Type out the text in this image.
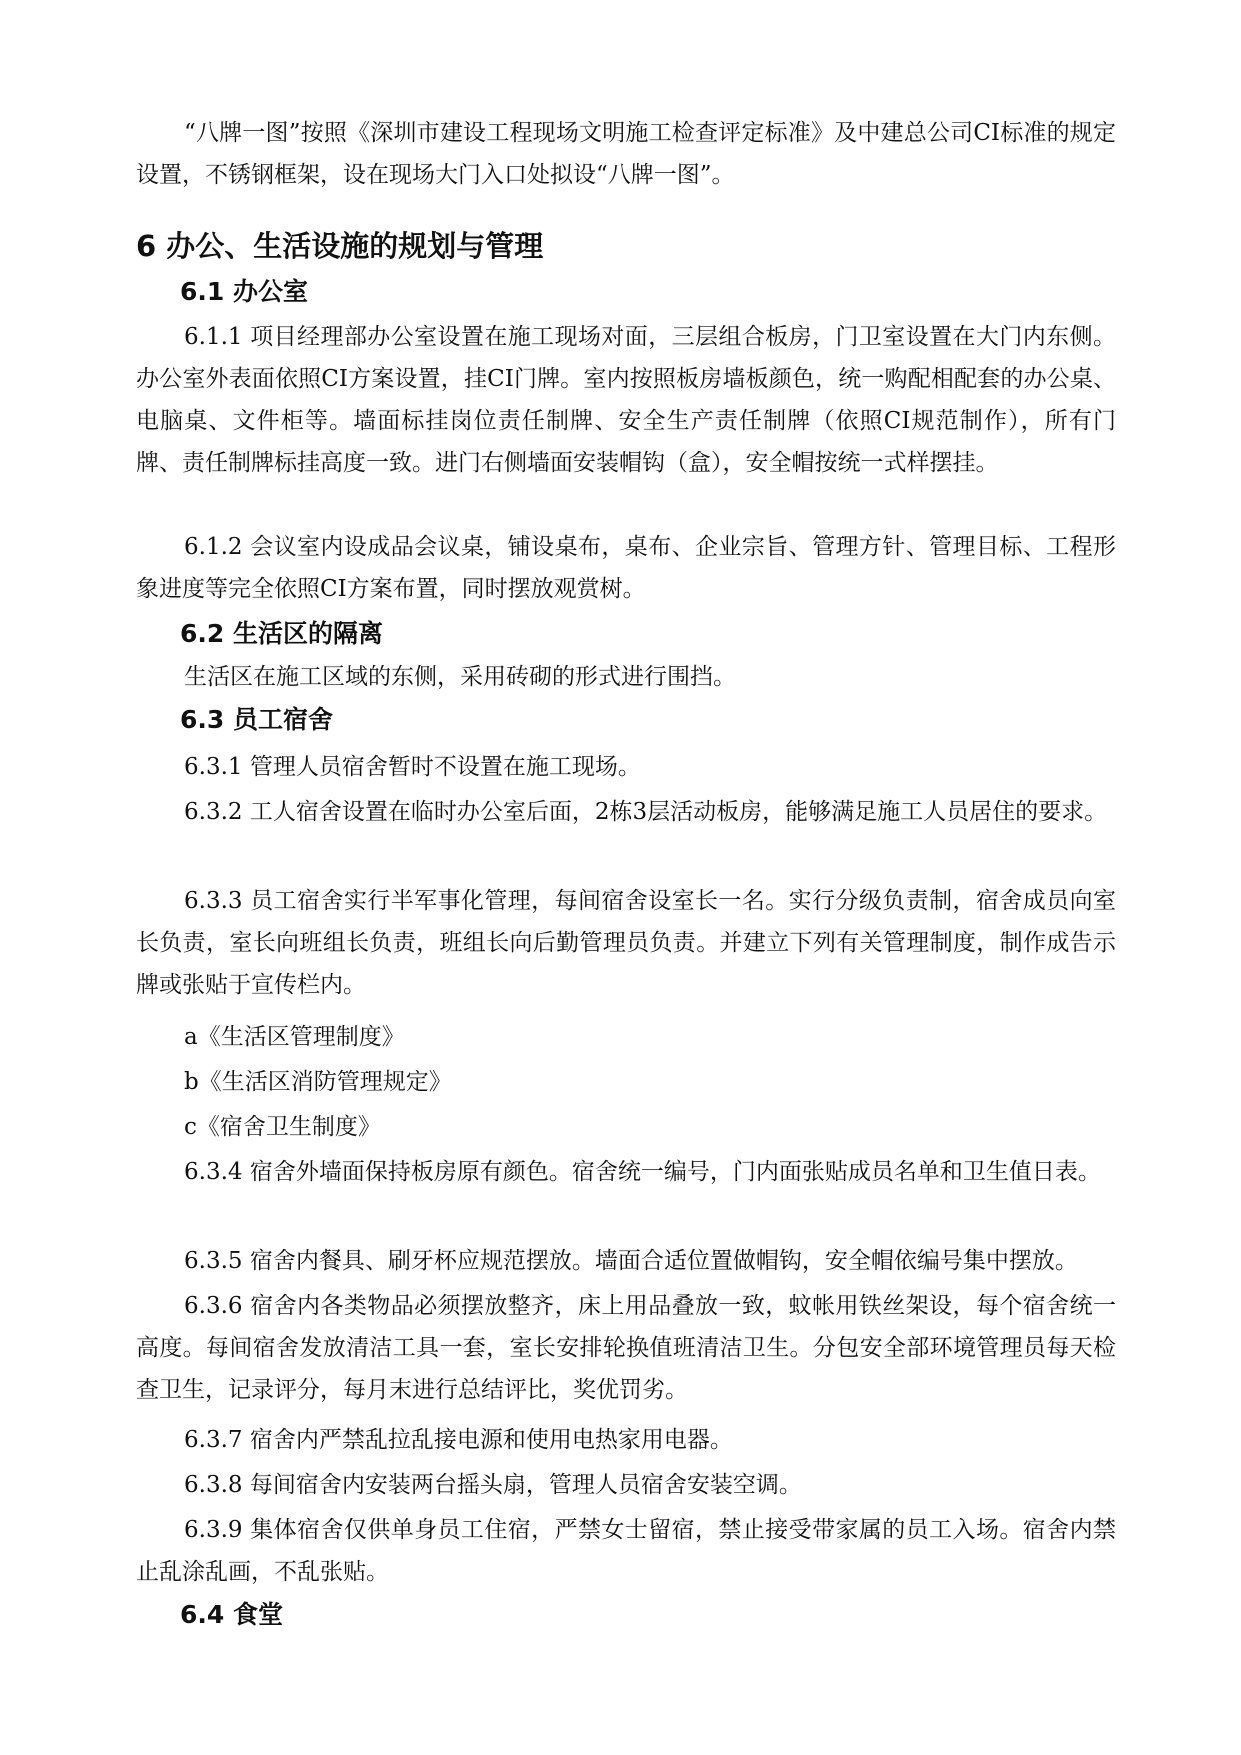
“八牌一图”按照《深圳市建设工程现场文明施工检查评定标准》及中建总公司CI标准的规定设置，不锈钢框架，设在现场大门入口处拟设“八牌一图”。

6 办公、生活设施的规划与管理
6.1 办公室

6.1.1 项目经理部办公室设置在施工现场对面，三层组合板房，门卫室设置在大门内东侧。办公室外表面依照CI方案设置，挂CI门牌。室内按照板房墙板颜色，统一购配相配套的办公桌、电脑桌、文件柜等。墙面标挂岗位责任制牌、安全生产责任制牌（依照CI规范制作），所有门牌、责任制牌标挂高度一致。进门右侧墙面安装帽钩（盒），安全帽按统一式样摆挂。

6.1.2 会议室内设成品会议桌，铺设桌布，桌布、企业宗旨、管理方针、管理目标、工程形象进度等完全依照CI方案布置，同时摆放观赏树。

6.2 生活区的隔离

生活区在施工区域的东侧，采用砖砌的形式进行围挡。

6.3 员工宿舍

6.3.1 管理人员宿舍暂时不设置在施工现场。

6.3.2 工人宿舍设置在临时办公室后面，2栋3层活动板房，能够满足施工人员居住的要求。

6.3.3 员工宿舍实行半军事化管理，每间宿舍设室长一名。实行分级负责制，宿舍成员向室长负责，室长向班组长负责，班组长向后勤管理员负责。并建立下列有关管理制度，制作成告示牌或张贴于宣传栏内。

a《生活区管理制度》

b《生活区消防管理规定》

c《宿舍卫生制度》

6.3.4 宿舍外墙面保持板房原有颜色。宿舍统一编号，门内面张贴成员名单和卫生值日表。

6.3.5 宿舍内餐具、刷牙杯应规范摆放。墙面合适位置做帽钩，安全帽依编号集中摆放。

6.3.6 宿舍内各类物品必须摆放整齐，床上用品叠放一致，蚊帐用铁丝架设，每个宿舍统一高度。每间宿舍发放清洁工具一套，室长安排轮换值班清洁卫生。分包安全部环境管理员每天检查卫生，记录评分，每月末进行总结评比，奖优罚劣。

6.3.7 宿舍内严禁乱拉乱接电源和使用电热家用电器。

6.3.8 每间宿舍内安装两台摇头扇，管理人员宿舍安装空调。

6.3.9 集体宿舍仅供单身员工住宿，严禁女士留宿，禁止接受带家属的员工入场。宿舍内禁止乱涂乱画，不乱张贴。

6.4 食堂
